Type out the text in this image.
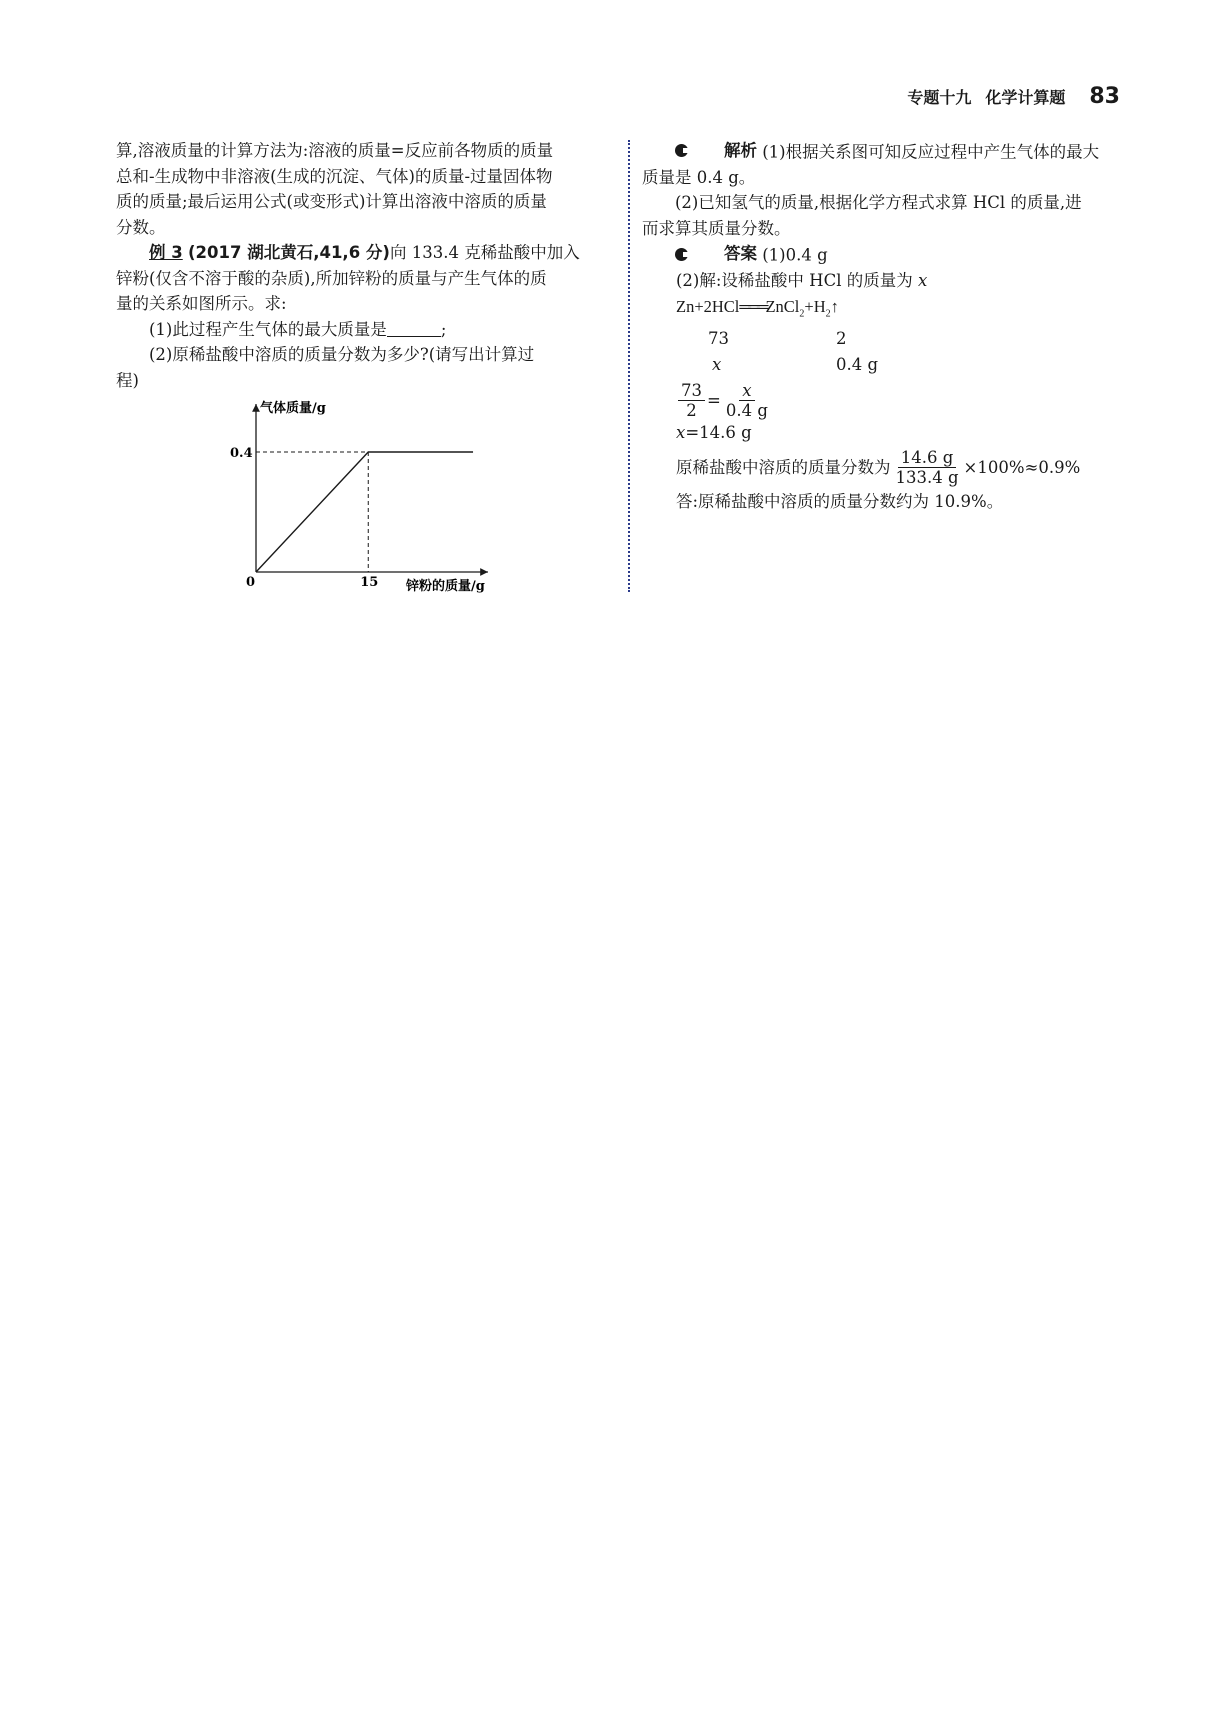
专题十九 化学计算题 83

算,溶液质量的计算方法为:溶液的质量=反应前各物质的质量

总和-生成物中非溶液(生成的沉淀、气体)的质量-过量固体物

质的质量;最后运用公式(或变形式)计算出溶液中溶质的质量

分数。

例 3 (2017 湖北黄石,41,6 分)向 133.4 克稀盐酸中加入

锌粉(仅含不溶于酸的杂质),所加锌粉的质量与产生气体的质

量的关系如图所示。求:

(1)此过程产生气体的最大质量是	;

(2)原稀盐酸中溶质的质量分数为多少?(请写出计算过

程)

气体质量/g
锌粉的质量/g
0	15
0.4

解析 (1)根据关系图可知反应过程中产生气体的最大

质量是 0.4 g。

(2)已知氢气的质量,根据化学方程式求算 HCl 的质量,进

而求算其质量分数。

答案 (1)0.4 g

(2)解:设稀盐酸中 HCl 的质量为 x

$Zn+2HCl═══ZnCl_2+H_2↑$

73	2
x	0.4 g
$\frac{73}{2} = \frac{x}{0.4 g}$

x=14.6 g

原稀盐酸中溶质的质量分数为 $\frac{14.6 g}{133.4 g} \times 100\%\approx 0.9\%$

答:原稀盐酸中溶质的质量分数约为 10.9%。
